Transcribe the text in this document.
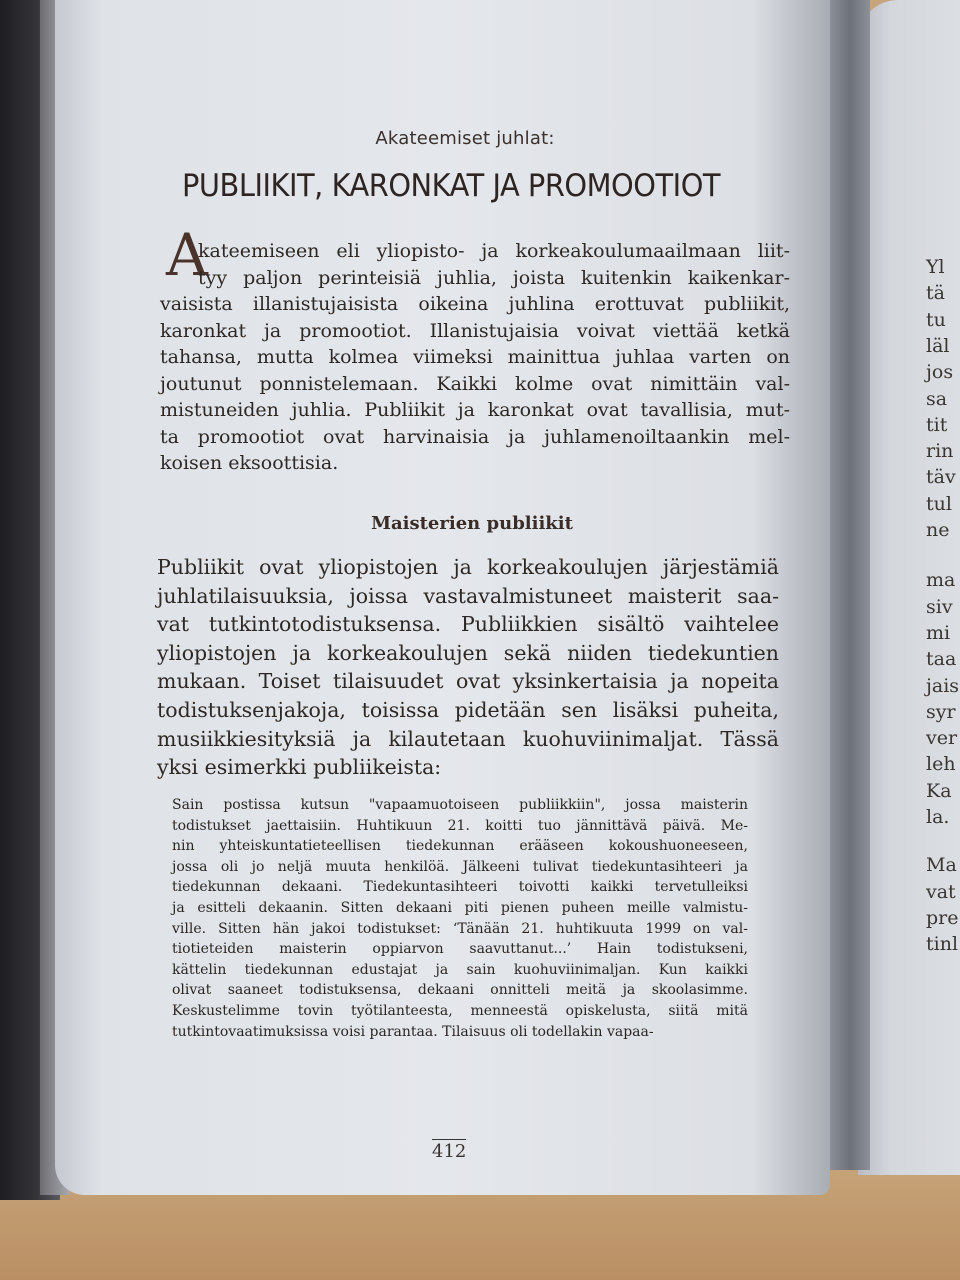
Akateemiset juhlat:
PUBLIIKIT, KARONKAT JA PROMOOTIOT
A
kateemiseen eli yliopisto- ja korkeakoulumaailmaan liit-
tyy paljon perinteisiä juhlia, joista kuitenkin kaikenkar-
vaisista illanistujaisista oikeina juhlina erottuvat publiikit,
karonkat ja promootiot. Illanistujaisia voivat viettää ketkä
tahansa, mutta kolmea viimeksi mainittua juhlaa varten on
joutunut ponnistelemaan. Kaikki kolme ovat nimittäin val-
mistuneiden juhlia. Publiikit ja karonkat ovat tavallisia, mut-
ta promootiot ovat harvinaisia ja juhlamenoiltaankin mel-
koisen eksoottisia.
Maisterien publiikit
Publiikit ovat yliopistojen ja korkeakoulujen järjestämiä
juhlatilaisuuksia, joissa vastavalmistuneet maisterit saa-
vat tutkintotodistuksensa. Publiikkien sisältö vaihtelee
yliopistojen ja korkeakoulujen sekä niiden tiedekuntien
mukaan. Toiset tilaisuudet ovat yksinkertaisia ja nopeita
todistuksenjakoja, toisissa pidetään sen lisäksi puheita,
musiikkiesityksiä ja kilautetaan kuohuviinimaljat. Tässä
yksi esimerkki publiikeista:
Sain postissa kutsun "vapaamuotoiseen publiikkiin", jossa maisterin
todistukset jaettaisiin. Huhtikuun 21. koitti tuo jännittävä päivä. Me-
nin yhteiskuntatieteellisen tiedekunnan erääseen kokoushuoneeseen,
jossa oli jo neljä muuta henkilöä. Jälkeeni tulivat tiedekuntasihteeri ja
tiedekunnan dekaani. Tiedekuntasihteeri toivotti kaikki tervetulleiksi
ja esitteli dekaanin. Sitten dekaani piti pienen puheen meille valmistu-
ville. Sitten hän jakoi todistukset: ‘Tänään 21. huhtikuuta 1999 on val-
tiotieteiden maisterin oppiarvon saavuttanut...’ Hain todistukseni,
kättelin tiedekunnan edustajat ja sain kuohuviinimaljan. Kun kaikki
olivat saaneet todistuksensa, dekaani onnitteli meitä ja skoolasimme.
Keskustelimme tovin työtilanteesta, menneestä opiskelusta, siitä mitä
tutkintovaatimuksissa voisi parantaa. Tilaisuus oli todellakin vapaa-
412
Yl
tä
tu
läl
jos
sa
tit
rin
täv
tul
ne
ma
siv
mi
taa
jais
syr
ver
leh
Ka
la.
Ma
vat
pre
tinl
